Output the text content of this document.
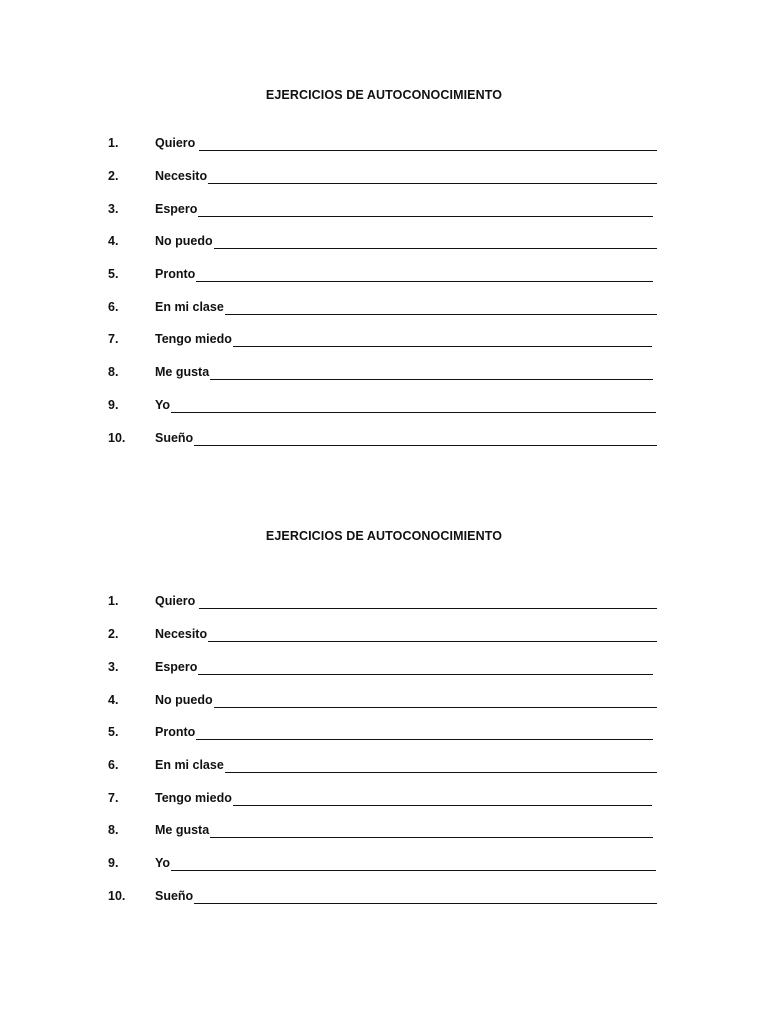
EJERCICIOS DE AUTOCONOCIMIENTO
1.	Quiero
2.	Necesito
3.	Espero
4.	No puedo
5.	Pronto
6.	En mi clase
7.	Tengo miedo
8.	Me gusta
9.	Yo
10. Sueño
EJERCICIOS DE AUTOCONOCIMIENTO
1.	Quiero
2.	Necesito
3.	Espero
4.	No puedo
5.	Pronto
6.	En mi clase
7.	Tengo miedo
8.	Me gusta
9.	Yo
10. Sueño
